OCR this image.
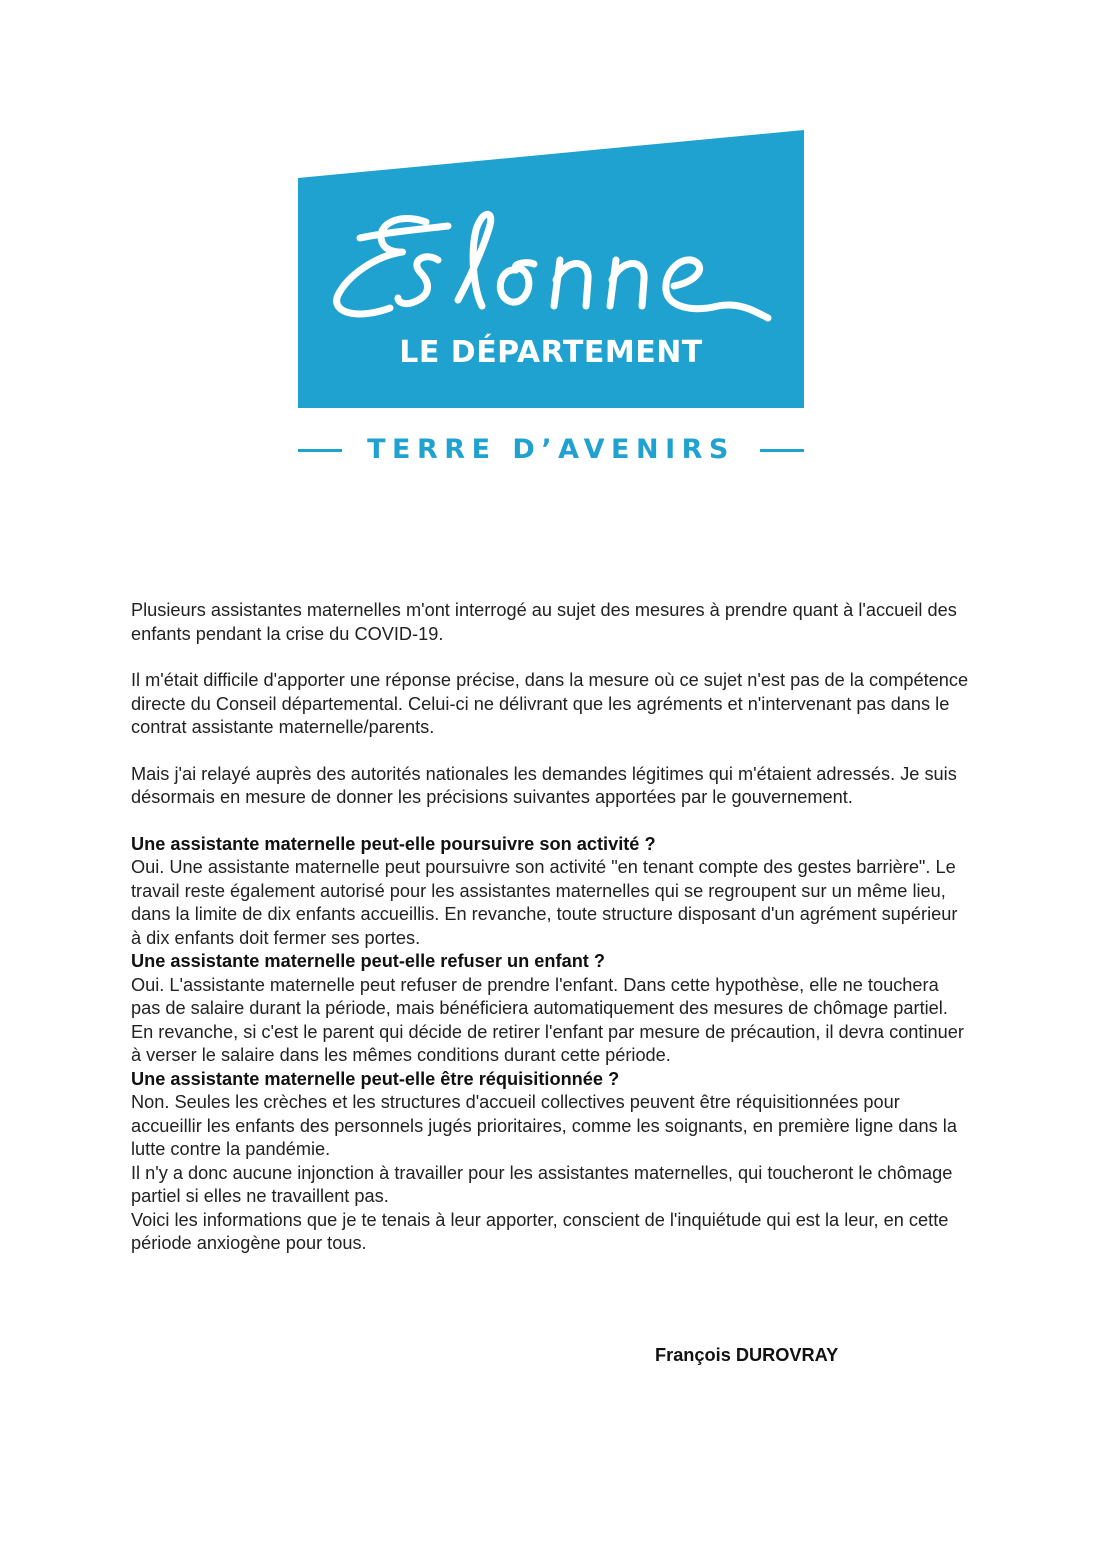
LE DÉPARTEMENT
TERRE D’AVENIRS

Plusieurs assistantes maternelles m'ont interrogé au sujet des mesures à prendre quant à l'accueil des enfants pendant la crise du COVID-19.

Il m'était difficile d'apporter une réponse précise, dans la mesure où ce sujet n'est pas de la compétence directe du Conseil départemental. Celui-ci ne délivrant que les agréments et n'intervenant pas dans le contrat assistante maternelle/parents.

Mais j'ai relayé auprès des autorités nationales les demandes légitimes qui m'étaient adressés. Je suis désormais en mesure de donner les précisions suivantes apportées par le gouvernement.

Une assistante maternelle peut-elle poursuivre son activité ?

Oui. Une assistante maternelle peut poursuivre son activité "en tenant compte des gestes barrière". Le travail reste également autorisé pour les assistantes maternelles qui se regroupent sur un même lieu, dans la limite de dix enfants accueillis. En revanche, toute structure disposant d'un agrément supérieur à dix enfants doit fermer ses portes.

Une assistante maternelle peut-elle refuser un enfant ?

Oui. L'assistante maternelle peut refuser de prendre l'enfant. Dans cette hypothèse, elle ne touchera pas de salaire durant la période, mais bénéficiera automatiquement des mesures de chômage partiel.

En revanche, si c'est le parent qui décide de retirer l'enfant par mesure de précaution, il devra continuer à verser le salaire dans les mêmes conditions durant cette période.

Une assistante maternelle peut-elle être réquisitionnée ?

Non. Seules les crèches et les structures d'accueil collectives peuvent être réquisitionnées pour accueillir les enfants des personnels jugés prioritaires, comme les soignants, en première ligne dans la lutte contre la pandémie.

Il n'y a donc aucune injonction à travailler pour les assistantes maternelles, qui toucheront le chômage partiel si elles ne travaillent pas.

Voici les informations que je te tenais à leur apporter, conscient de l'inquiétude qui est la leur, en cette période anxiogène pour tous.

François DUROVRAY
